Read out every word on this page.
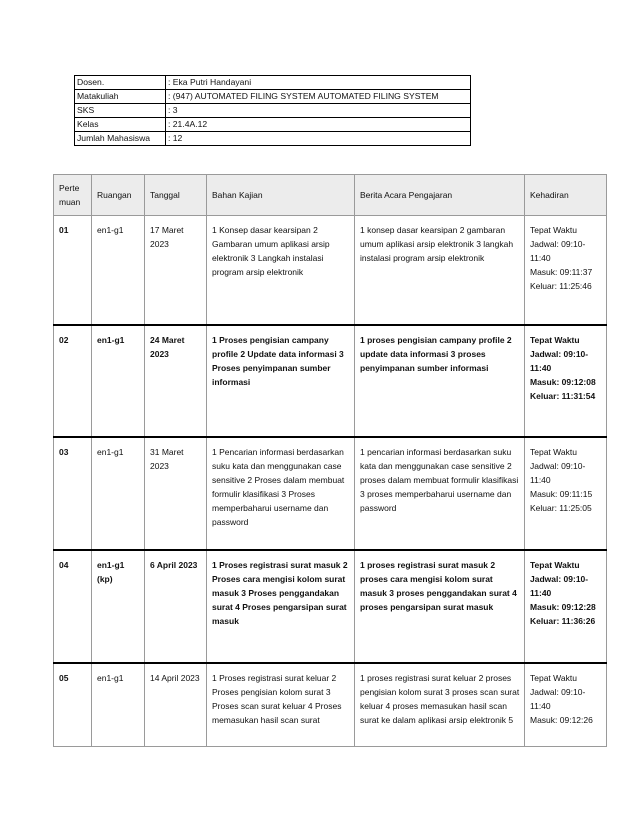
Dosen.	: Eka Putri Handayani
Matakuliah	: (947) AUTOMATED FILING SYSTEM AUTOMATED FILING SYSTEM
SKS	: 3
Kelas	: 21.4A.12
Jumlah Mahasiswa	: 12
Perte muan	Ruangan	Tanggal	Bahan Kajian	Berita Acara Pengajaran	Kehadiran
01	en1-g1	17 Maret 2023	1 Konsep dasar kearsipan 2 Gambaran umum aplikasi arsip elektronik 3 Langkah instalasi program arsip elektronik	1 konsep dasar kearsipan 2 gambaran umum aplikasi arsip elektronik 3 langkah instalasi program arsip elektronik	Tepat Waktu
Jadwal: 09:10-11:40
Masuk: 09:11:37
Keluar: 11:25:46

02	en1-g1	24 Maret 2023	1 Proses pengisian campany profile 2 Update data informasi 3 Proses penyimpanan sumber informasi	1 proses pengisian campany profile 2 update data informasi 3 proses penyimpanan sumber informasi	Tepat Waktu
Jadwal: 09:10-11:40
Masuk: 09:12:08
Keluar: 11:31:54

03	en1-g1	31 Maret 2023	1 Pencarian informasi berdasarkan suku kata dan menggunakan case sensitive 2 Proses dalam membuat formulir klasifikasi 3 Proses memperbaharui username dan password	1 pencarian informasi berdasarkan suku kata dan menggunakan case sensitive 2 proses dalam membuat formulir klasifikasi 3 proses memperbaharui username dan password	Tepat Waktu
Jadwal: 09:10-11:40
Masuk: 09:11:15
Keluar: 11:25:05

04	en1-g1 (kp)	6 April 2023	1 Proses registrasi surat masuk 2 Proses cara mengisi kolom surat masuk 3 Proses penggandakan surat 4 Proses pengarsipan surat masuk	1 proses registrasi surat masuk 2 proses cara mengisi kolom surat masuk 3 proses penggandakan surat 4 proses pengarsipan surat masuk	Tepat Waktu
Jadwal: 09:10-11:40
Masuk: 09:12:28
Keluar: 11:36:26

05	en1-g1	14 April 2023	1 Proses registrasi surat keluar 2 Proses pengisian kolom surat 3 Proses scan surat keluar 4 Proses memasukan hasil scan surat	1 proses registrasi surat keluar 2 proses pengisian kolom surat 3 proses scan surat keluar 4 proses memasukan hasil scan surat ke dalam aplikasi arsip elektronik 5	Tepat Waktu
Jadwal: 09:10-11:40
Masuk: 09:12:26
